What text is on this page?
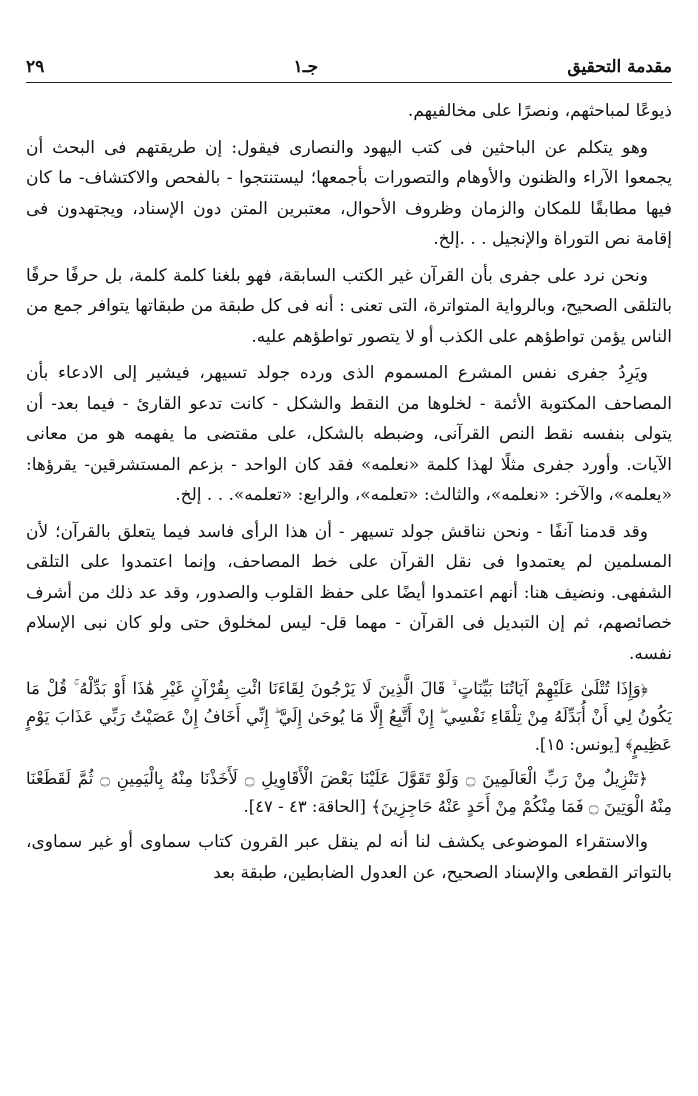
٢٩	جـ١	مقدمة التحقيق

ذيوعًا لمباحثهم، ونصرًا على مخالفيهم.

وهو يتكلم عن الباحثين فى كتب اليهود والنصارى فيقول: إن طريقتهم فى البحث أن يجمعوا الآراء والظنون والأوهام والتصورات بأجمعها؛ ليستنتجوا - بالفحص والاكتشاف- ما كان فيها مطابقًا للمكان والزمان وظروف الأحوال، معتبرين المتن دون الإسناد، ويجتهدون فى إقامة نص التوراة والإنجيل . . .إلخ.

ونحن نرد على جفرى بأن القرآن غير الكتب السابقة، فهو بلغنا كلمة كلمة، بل حرفًا حرفًا بالتلقى الصحيح، وبالرواية المتواترة، التى تعنى : أنه فى كل طبقة من طبقاتها يتوافر جمع من الناس يؤمن تواطؤهم على الكذب أو لا يتصور تواطؤهم عليه.

ويَرِدُ جفرى نفس المشرع المسموم الذى ورده جولد تسيهر، فيشير إلى الادعاء بأن المصاحف المكتوبة الأئمة - لخلوها من النقط والشكل - كانت تدعو القارئ - فيما بعد- أن يتولى بنفسه نقط النص القرآنى، وضبطه بالشكل، على مقتضى ما يفهمه هو من معانى الآيات. وأورد جفرى مثلًا لهذا كلمة «نعلمه» فقد كان الواحد - بزعم المستشرقين- يقرؤها: «يعلمه»، والآخر: «نعلمه»، والثالث: «تعلمه»، والرابع: «تعلمه». . . إلخ.

وقد قدمنا آنفًا - ونحن نناقش جولد تسيهر - أن هذا الرأى فاسد فيما يتعلق بالقرآن؛ لأن المسلمين لم يعتمدوا فى نقل القرآن على خط المصاحف، وإنما اعتمدوا على التلقى الشفهى. ونضيف هنا: أنهم اعتمدوا أيضًا على حفظ القلوب والصدور، وقد عد ذلك من أشرف خصائصهم، ثم إن التبديل فى القرآن - مهما قل- ليس لمخلوق حتى ولو كان نبى الإسلام نفسه.

﴿وَإِذَا تُتْلَىٰ عَلَيْهِمْ آيَاتُنَا بَيِّنَاتٍ ۙ قَالَ الَّذِينَ لَا يَرْجُونَ لِقَاءَنَا ائْتِ بِقُرْآنٍ غَيْرِ هَٰذَا أَوْ بَدِّلْهُ ۚ قُلْ مَا يَكُونُ لِي أَنْ أُبَدِّلَهُ مِنْ تِلْقَاءِ نَفْسِي ۖ إِنْ أَتَّبِعُ إِلَّا مَا يُوحَىٰ إِلَيَّ ۖ إِنِّي أَخَافُ إِنْ عَصَيْتُ رَبِّي عَذَابَ يَوْمٍ عَظِيمٍ﴾ [يونس: ١٥].

﴿تَنْزِيلٌ مِنْ رَبِّ الْعَالَمِينَ ۝ وَلَوْ تَقَوَّلَ عَلَيْنَا بَعْضَ الْأَقَاوِيلِ ۝ لَأَخَذْنَا مِنْهُ بِالْيَمِينِ ۝ ثُمَّ لَقَطَعْنَا مِنْهُ الْوَتِينَ ۝ فَمَا مِنْكُمْ مِنْ أَحَدٍ عَنْهُ حَاجِزِينَ﴾ [الحاقة: ٤٣ - ٤٧].

والاستقراء الموضوعى يكشف لنا أنه لم ينقل عبر القرون كتاب سماوى أو غير سماوى، بالتواتر القطعى والإسناد الصحيح، عن العدول الضابطين، طبقة بعد
